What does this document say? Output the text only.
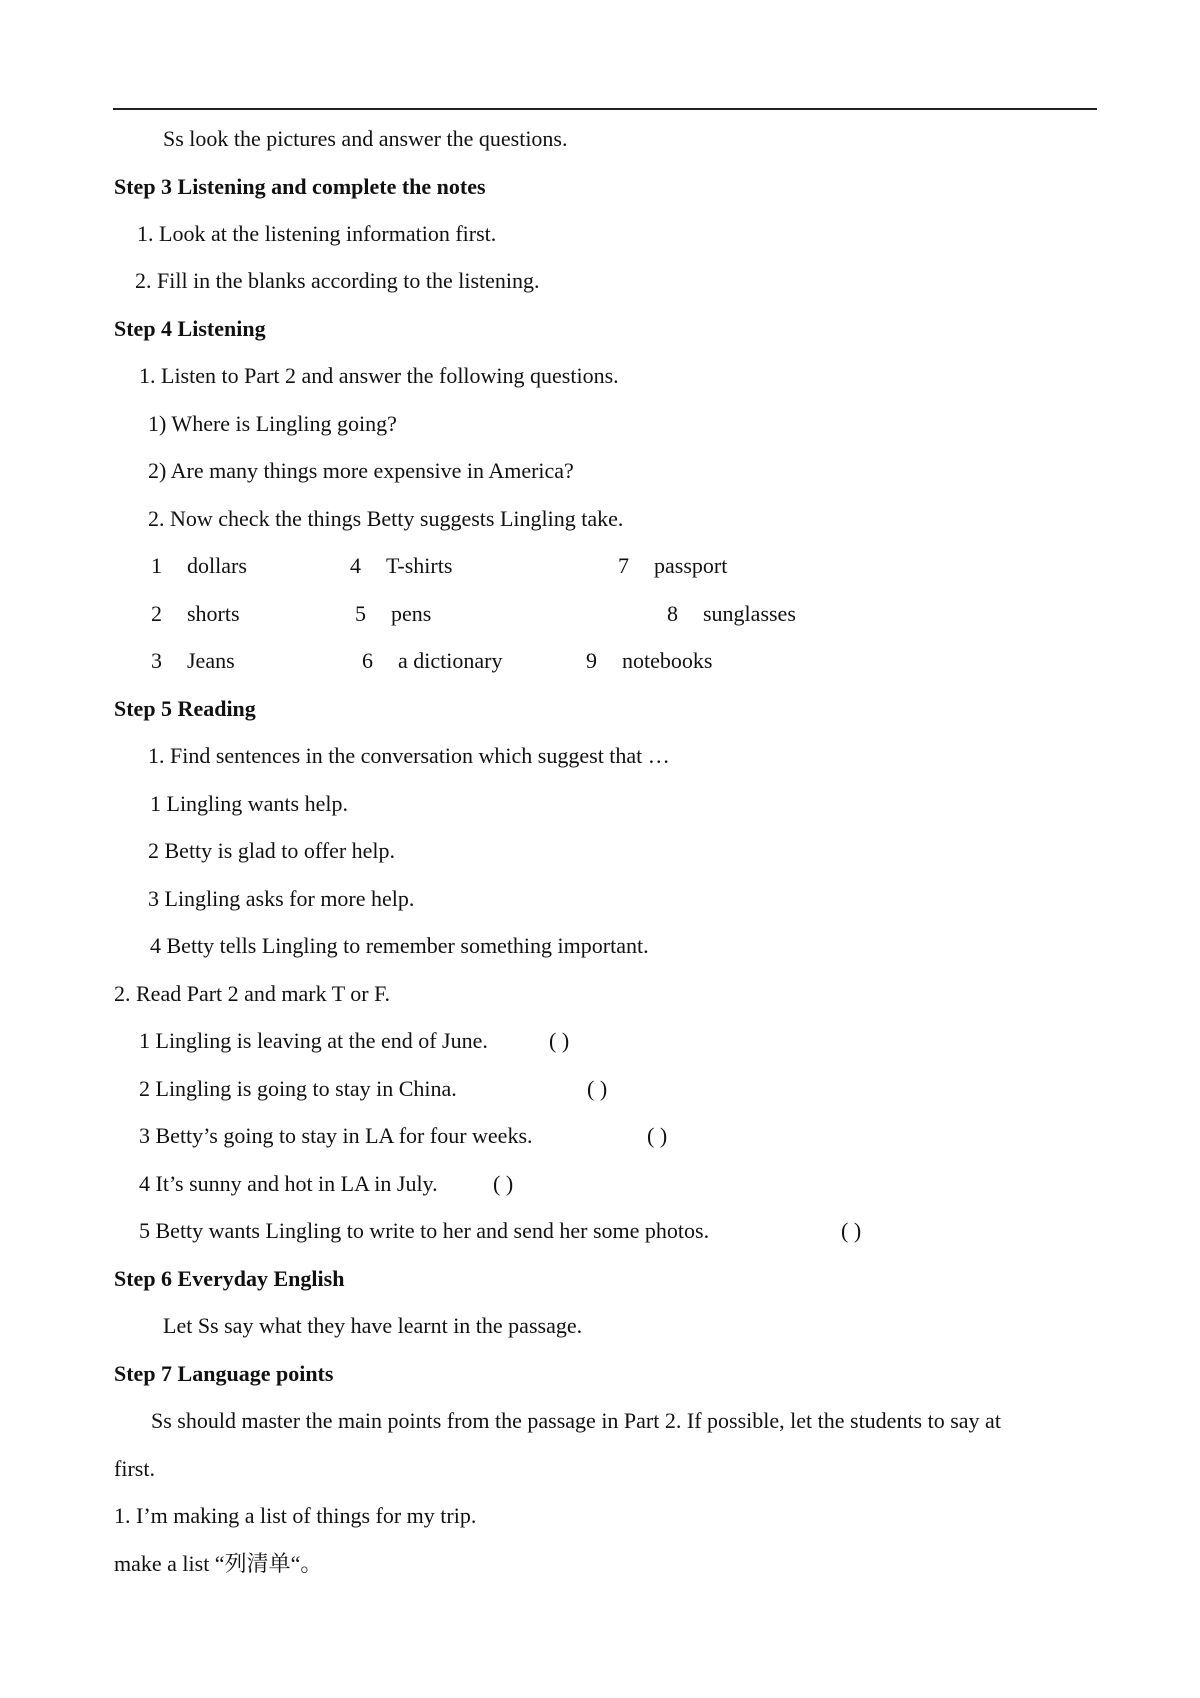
Ss look the pictures and answer the questions.
Step 3 Listening and complete the notes
1. Look at the listening information first.
2. Fill in the blanks according to the listening.
Step 4 Listening
1. Listen to Part 2 and answer the following questions.
1) Where is Lingling going?
2) Are many things more expensive in America?
2. Now check the things Betty suggests Lingling take.
1 dollars	4 T-shirts	7 passport
2 shorts	5 pens	8 sunglasses
3 Jeans	6 a dictionary	9 notebooks
Step 5 Reading
1. Find sentences in the conversation which suggest that …
1 Lingling wants help.
2 Betty is glad to offer help.
3 Lingling asks for more help.
4 Betty tells Lingling to remember something important.
2. Read Part 2 and mark T or F.
1 Lingling is leaving at the end of June.	( )
2 Lingling is going to stay in China.	( )
3 Betty’s going to stay in LA for four weeks.	( )
4 It’s sunny and hot in LA in July.	( )
5 Betty wants Lingling to write to her and send her some photos.	( )
Step 6 Everyday English
Let Ss say what they have learnt in the passage.
Step 7 Language points
Ss should master the main points from the passage in Part 2. If possible, let the students to say at
first.
1. I’m making a list of things for my trip.
make a list “列清单“。
